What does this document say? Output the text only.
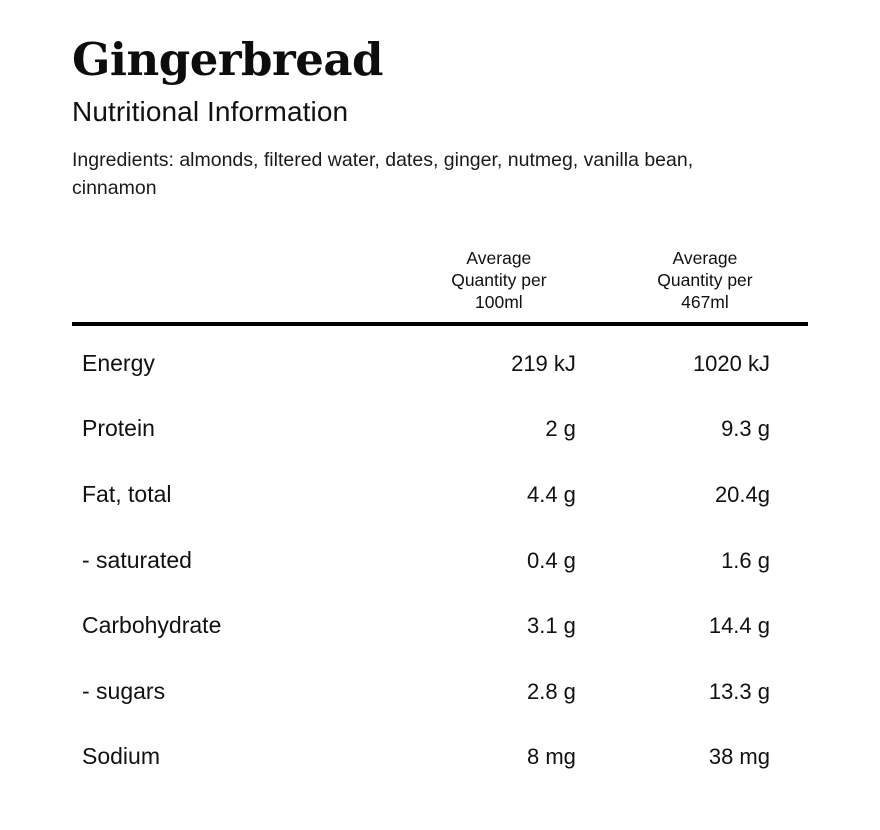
Gingerbread
Nutritional Information

Ingredients: almonds, filtered water, dates, ginger, nutmeg, vanilla bean, cinnamon

Average
Quantity per
100ml

Average
Quantity per
467ml

Energy	219 kJ	1020 kJ
Protein	2 g	9.3 g
Fat, total	4.4 g	20.4g
- saturated	0.4 g	1.6 g
Carbohydrate	3.1 g	14.4 g
- sugars	2.8 g	13.3 g
Sodium	8 mg	38 mg
